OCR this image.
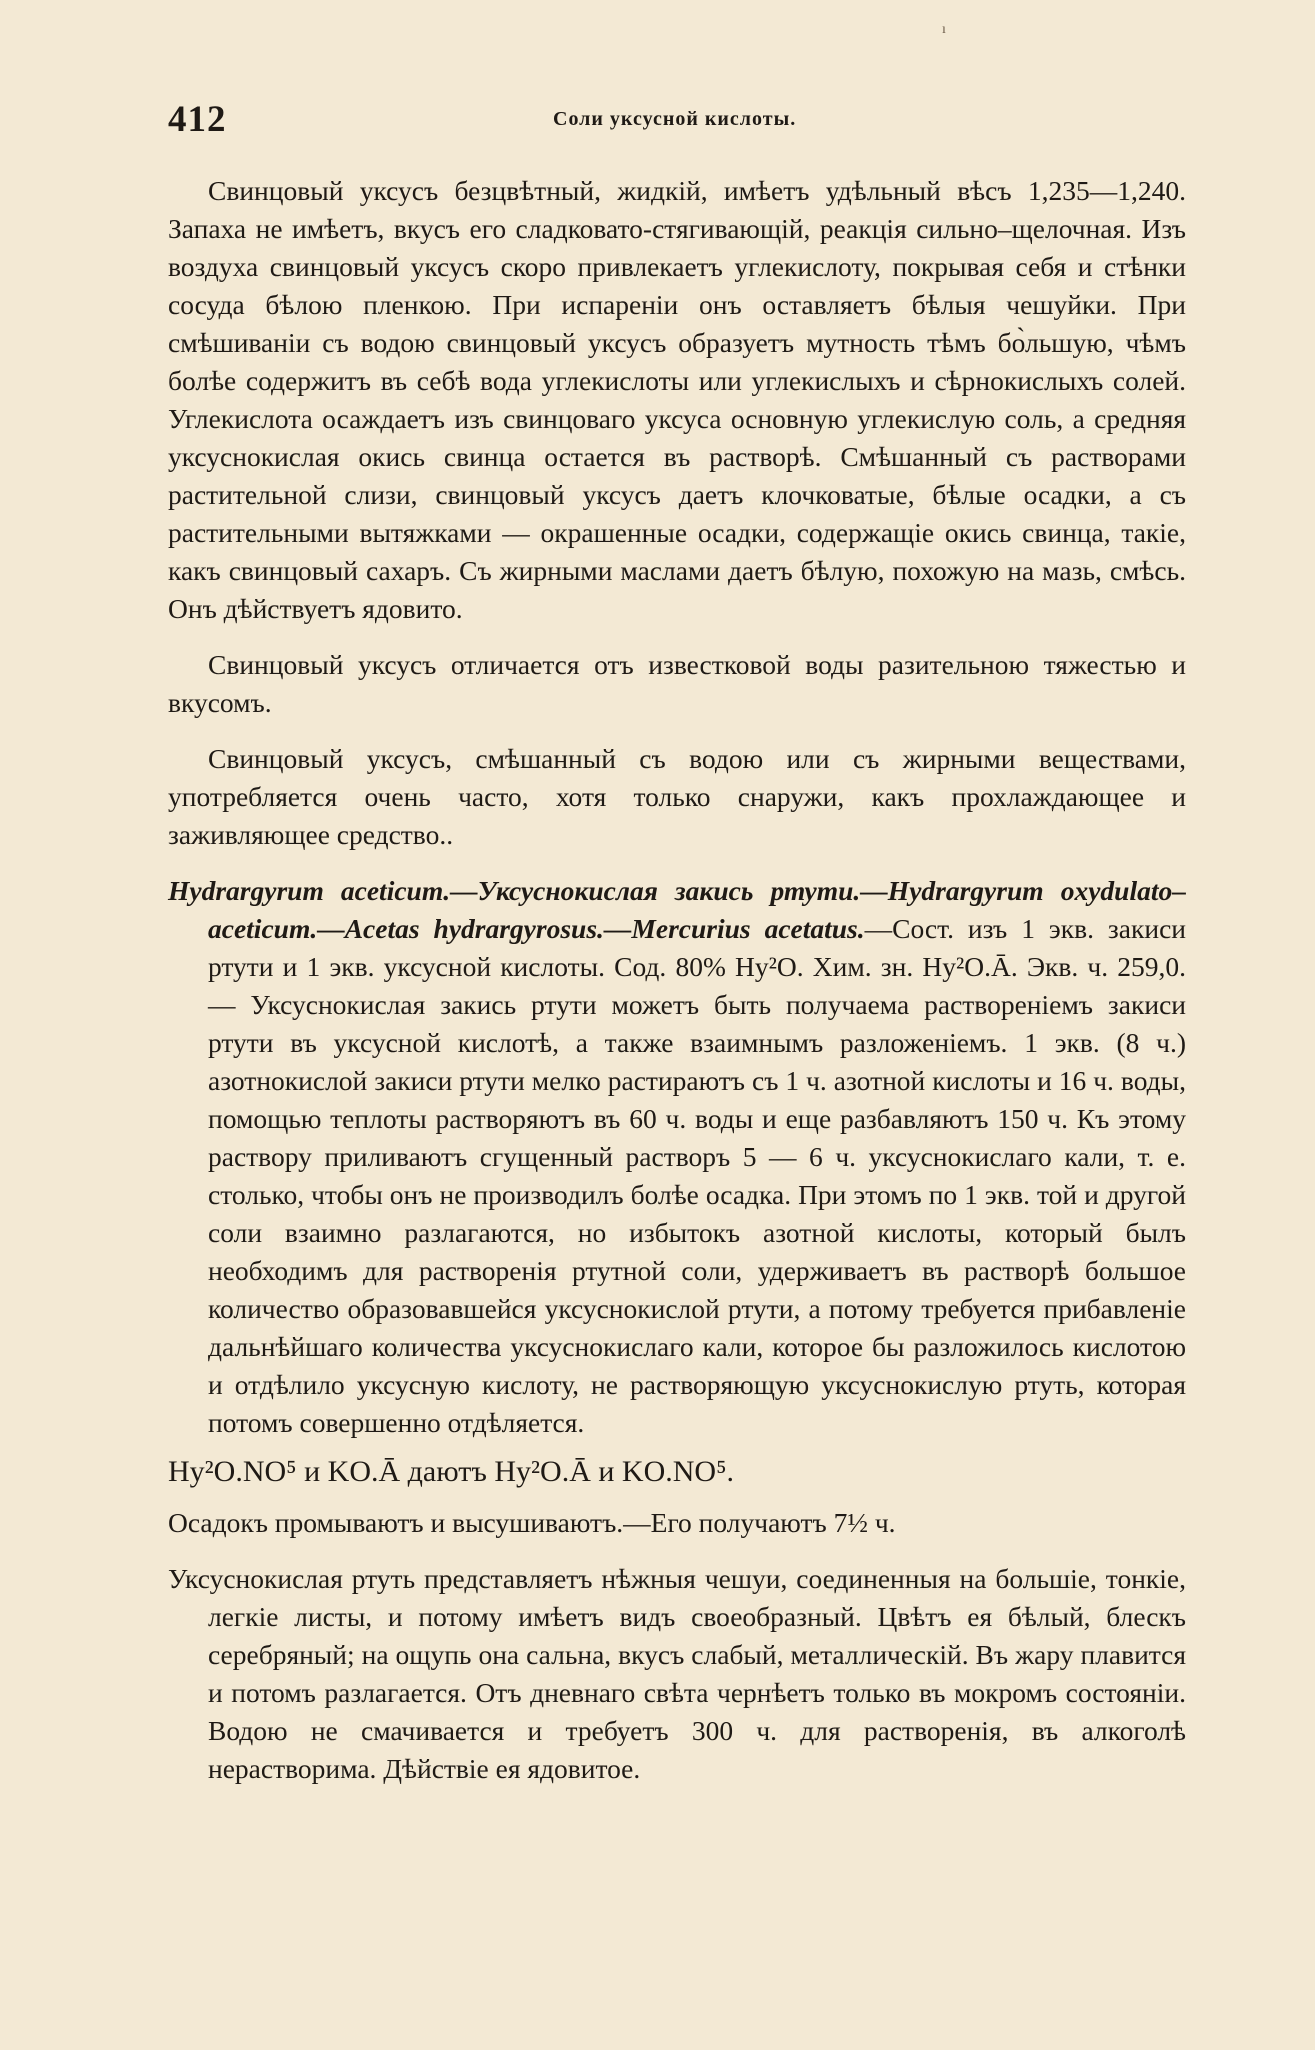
ı
412	Соли уксусной кислоты.

Свинцовый уксусъ безцвѣтный, жидкій, имѣетъ удѣльный вѣсъ 1,235—1,240. Запаха не имѣетъ, вкусъ его сладковато-стягивающій, реакція сильно–щелочная. Изъ воздуха свинцовый уксусъ скоро привлекаетъ углекислоту, покрывая себя и стѣнки сосуда бѣлою пленкою. При испареніи онъ оставляетъ бѣлыя чешуйки. При смѣшиваніи съ водою свинцовый уксусъ образуетъ мутность тѣмъ бо̀льшую, чѣмъ болѣе содержитъ въ себѣ вода углекислоты или углекислыхъ и сѣрнокислыхъ солей. Углекислота осаждаетъ изъ свинцоваго уксуса основную углекислую соль, а средняя уксуснокислая окись свинца остается въ растворѣ. Смѣшанный съ растворами растительной слизи, свинцовый уксусъ даетъ клочковатые, бѣлые осадки, а съ растительными вытяжками — окрашенные осадки, содержащіе окись свинца, такіе, какъ свинцовый сахаръ. Съ жирными маслами даетъ бѣлую, похожую на мазь, смѣсь. Онъ дѣйствуетъ ядовито.

Свинцовый уксусъ отличается отъ известковой воды разительною тяжестью и вкусомъ.

Свинцовый уксусъ, смѣшанный съ водою или съ жирными веществами, употребляется очень часто, хотя только снаружи, какъ прохлаждающее и заживляющее средство..

Hydrargyrum aceticum.—Уксуснокислая закись ртути.—Hydrargyrum oxydulato–aceticum.—Acetas hydrargyrosus.—Mercurius acetatus.—Сост. изъ 1 экв. закиси ртути и 1 экв. уксусной кислоты. Сод. 80% Hy²O. Хим. зн. Hy²O.Ā. Экв. ч. 259,0. — Уксуснокислая закись ртути можетъ быть получаема раствореніемъ закиси ртути въ уксусной кислотѣ, а также взаимнымъ разложеніемъ. 1 экв. (8 ч.) азотнокислой закиси ртути мелко растираютъ съ 1 ч. азотной кислоты и 16 ч. воды, помощью теплоты растворяютъ въ 60 ч. воды и еще разбавляютъ 150 ч. Къ этому раствору приливаютъ сгущенный растворъ 5 — 6 ч. уксуснокислаго кали, т. е. столько, чтобы онъ не производилъ болѣе осадка. При этомъ по 1 экв. той и другой соли взаимно разлагаются, но избытокъ азотной кислоты, который былъ необходимъ для растворенія ртутной соли, удерживаетъ въ растворѣ большое количество образовавшейся уксуснокислой ртути, а потому требуется прибавленіе дальнѣйшаго количества уксуснокислаго кали, которое бы разложилось кислотою и отдѣлило уксусную кислоту, не растворяющую уксуснокислую ртуть, которая потомъ совершенно отдѣляется.

Hy²O.NO⁵ и KO.Ā даютъ Hy²O.Ā и KO.NO⁵.

Осадокъ промываютъ и высушиваютъ.—Его получаютъ 7½ ч.

Уксуснокислая ртуть представляетъ нѣжныя чешуи, соединенныя на большіе, тонкіе, легкіе листы, и потому имѣетъ видъ своеобразный. Цвѣтъ ея бѣлый, блескъ серебряный; на ощупь она сальна, вкусъ слабый, металлическій. Въ жару плавится и потомъ разлагается. Отъ дневнаго свѣта чернѣетъ только въ мокромъ состояніи. Водою не смачивается и требуетъ 300 ч. для растворенія, въ алкоголѣ нерастворима. Дѣйствіе ея ядовитое.
